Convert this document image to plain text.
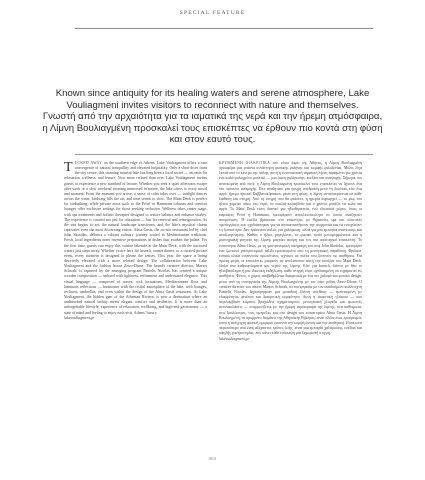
SPECIAL FEATURE
Known since antiquity for its healing waters and serene atmosphere, Lake Vouliagmeni invites visitors to reconnect with nature and themselves.
Γνωστή από την αρχαιότητα για τα ιαματικά της νερά και την ήρεμη ατμόσφαιρα, η Λίμνη Βουλιαγμένη προσκαλεί τους επισκέπτες να έρθουν πιο κοντά στη φύση και στον εαυτό τους.

TUCKED AWAY on the southern edge of Athens, Lake Vouliagmeni offers a rare convergence of natural tranquillity and elevated hospitality. Only a short drive from the city centre, this stunning mineral lake has long been a local secret — an oasis for relaxation, wellness, and leisure. Now more refined than ever, Lake Vouliagmeni invites guests to experience a new standard of leisure. Whether you seek a quiet afternoon escape after work or a slow weekend morning immersed in nature, the lake caters to every mood and moment. From the moment you arrive, a sense of calm takes over — sunlight dances across the water, birdsong fills the air, and time seems to slow. The Main Deck is perfect for sunbathing, while private areas such as the Privé or Hammam cabanas and comfort lounges offer exclusive settings for those seeking seclusion. Wellness takes center stage, with spa treatments and holistic therapies designed to restore balance and enhance vitality. The experience is curated not just for relaxation — but for renewal and reinvigoration. As the sun begins to set, the natural landscape transforms, and the lake's mystical charm captivates even the most discerning visitor. Alma Oasis, the on-site restaurant led by chef John Skotidas, delivers a vibrant culinary journey rooted in Mediterranean traditions. Fresh, local ingredients meet inventive preparations in dishes that awaken the palate. For the first time, guests can enjoy this cuisine lakeside at the Main Deck, with the mirrored waters just steps away. Whether you're here for brunch, sunset dinner, or a curated private event, every moment is designed to please the senses. This year, the space is being discreetly elevated with a more relaxed design. The collaboration between Lake Vouliagmeni and the fashion house Zeus+Dione. The brand's creative director, Marios Schwab, is captured by the emerging program Pantelis Nicolas, has created a unique wooden composition — imbued with lightness, refinement and understated elegance. This visual language — composed of waves, rock formations, Mediterranean flora, and luminous reflections — harmonize with the restful atmosphere of the lake, with lounges, recliners, umbrellas, and even within the design of the Alma Oasis restaurant. At Lake Vouliagmeni, the hidden gem of the Athenian Riviera, is now a destination where an undisturbed natural beauty meets elegant comfort and aesthetics. It is more than an unforgettable lifestyle; experience of relaxation, wellbeing, and high-end gastronomy — a state of mind and feeling to enjoy each visit, Athens' luxury.

lakevouliagmeni.gr

ΚΡΥΜΜΕΝΗ ΔΙΑΚΡΙΤΙΚΑ στο νότιο άκρο της Αθήνας, η Λίμνη Βουλιαγμένη προσφέρει μια σπάνια συνάντηση φυσικής γαλήνης και κομψής φιλοξενίας. Μόλις λίγα λεπτά από το κέντρο της πόλης, αυτή η εντυπωσιακή ιαματική λίμνη παραμένει για χρόνια ένα καλά φυλαγμένο μυστικό — μια όαση χαλάρωσης, ευεξίας και αναψυχής. Σήμερα, πιο ανανεωμένη από ποτέ, η Λίμνη Βουλιαγμένη προσκαλεί τους επισκέπτες να ζήσουν ένα νέο πρότυπο αναψυχής. Είτε αναζητάτε μια ήσυχη απόδραση μετά τη δουλειά, είτε ένα αργό, ήρεμο πρωινό Σαββατοκύριακου μέσα στη φύση, η λίμνη ανταποκρίνεται σε κάθε διάθεση και στιγμή. Από τη στιγμή που θα φτάσετε, η ηρεμία κυριαρχεί — το φως του ήλιου χορεύει πάνω στο νερό, τα πουλιά κελαηδούν και ο χρόνος μοιάζει να κυλά πιο αργά. Το Main Deck είναι ιδανικό για ηλιοθεραπεία, ενώ ιδιωτικοί χώροι, όπως οι καμπάνες Privé ή Hammam, προσφέρουν αποκλειστικότητα σε όσους αναζητούν απομόνωση. Η ευεξία βρίσκεται στο επίκεντρο, με θεραπείες spa και ολιστικές προσεγγίσεις που σχεδιάστηκαν για να αποκαταστήσουν την ισορροπία και να ενισχύσουν τη ζωτικότητα. Δεν πρόκειται απλώς για χαλάρωση, αλλά για μια εμπειρία ανανέωσης και αναζωογόνησης. Καθώς ο ήλιος χαμηλώνει, το φυσικό τοπίο μεταμορφώνεται και η μυστηριακή γοητεία της λίμνης μαγεύει ακόμη και τον πιο απαιτητικό επισκέπτη. Το εστιατόριο Alma Oasis, με τη γαστρονομική υπογραφή του σεφ John Skotidas, προσφέρει ένα ζωντανό γαστρονομικό ταξίδι εμπνευσμένο από τη μεσογειακή παράδοση. Φρέσκα, τοπικά υλικά συναντούν πρωτότυπες τεχνικές σε πιάτα που ξυπνούν τις αισθήσεις. Για πρώτη φορά, οι επισκέπτες μπορούν να απολαύσουν αυτή την κουζίνα στο Main Deck, δίπλα στα καθρεφτίσματα του νερού της λίμνης. Είτε για brunch, δείπνο με θέα το ηλιοβασίλεμα ή μια ιδιωτική εκδήλωση, κάθε στιγμή είναι σχεδιασμένη να ευχαριστεί τις αισθήσεις. Φέτος, ο χώρος αναβαθμίζεται διακριτικά με ένα πιο χαλαρό και φυσικό design, μέσα από τη συνεργασία της Λίμνης Βουλιαγμένης με τον οίκο μόδας Zeus+Dione. Ο creative director του οίκου, Marios Schwab, σε συνεργασία με τον αναδυόμενο καλλιτέχνη Pantelis Nicolas, δημιούργησαν μια μοναδική ξύλινη σύνθεση — εμποτισμένη με ελαφρότητα, φινέτσα και διακριτική κομψότητα. Αυτή η εικαστική γλώσσα — που περιλαμβάνει κύματα, βραχώδεις σχηματισμούς, μεσογειακή χλωρίδα και φωτεινές αντανακλάσεις — εναρμονίζεται με την ήρεμη ατμόσφαιρα της λίμνης, στα καθίσματα, στις ξαπλώστρες, στις ομπρέλες και στο design του εστιατορίου Alma Oasis. Η Λίμνη Βουλιαγμένη, το κρυμμένο διαμάντι της Αθηναϊκής Ριβιέρας, είναι πλέον ένας προορισμός όπου η ανέγγιχτη φυσική ομορφιά συναντά την κομψή άνεση και την αισθητική. Είναι κάτι περισσότερο από ένας αξέχαστος τρόπος ζωής· είναι μια εμπειρία χαλάρωσης, ευεξίας και υψηλής γαστρονομίας, που κάνει κάθε επίσκεψη μια ξεχωριστή στιγμή.

lakevouliagmeni.gr
063
